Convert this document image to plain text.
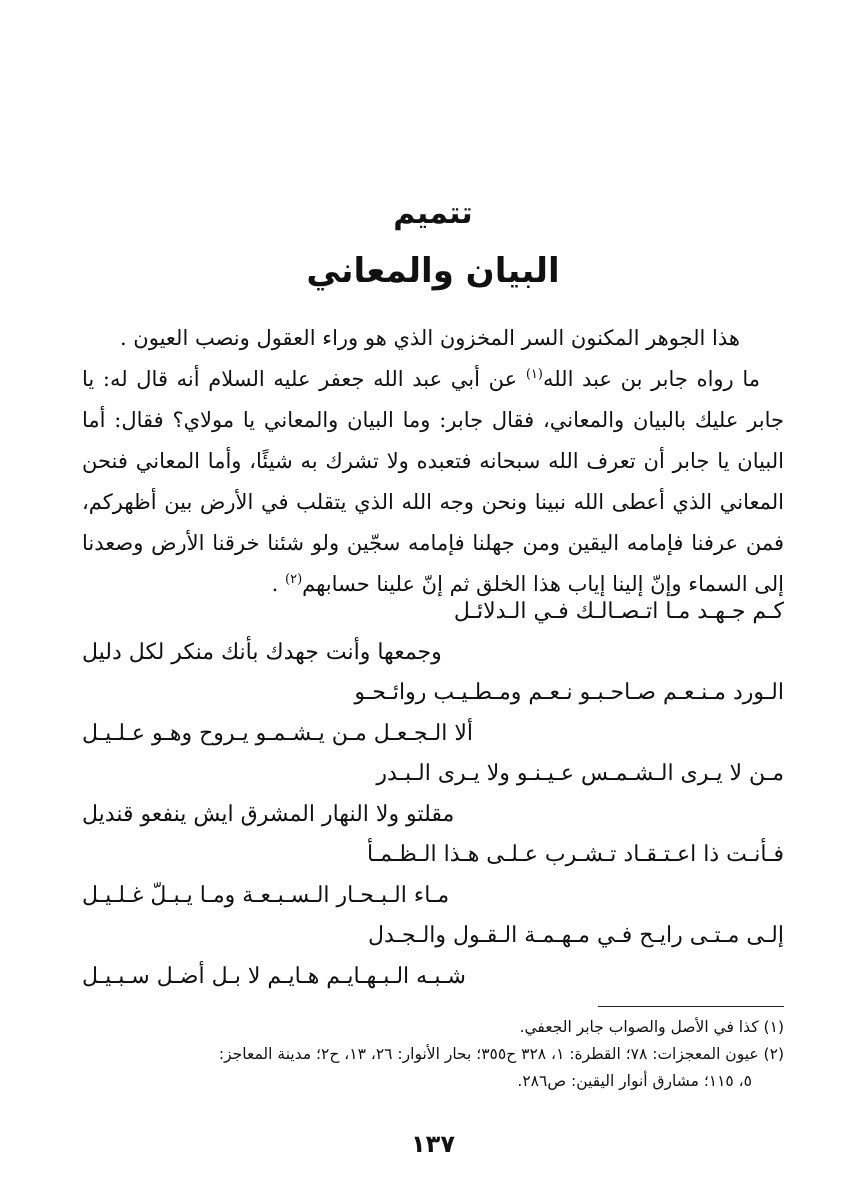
تتميم
البيان والمعاني

هذا الجوهر المكنون السر المخزون الذي هو وراء العقول ونصب العيون .

ما رواه جابر بن عبد الله$^{(١)}$ عن أبي عبد الله جعفر عليه السلام أنه قال له: يا جابر عليك بالبيان والمعاني، فقال جابر: وما البيان والمعاني يا مولاي؟ فقال: أما البيان يا جابر أن تعرف الله سبحانه فتعبده ولا تشرك به شيئًا، وأما المعاني فنحن المعاني الذي أعطى الله نبينا ونحن وجه الله الذي يتقلب في الأرض بين أظهركم، فمن عرفنا فإمامه اليقين ومن جهلنا فإمامه سجّين ولو شئنا خرقنا الأرض وصعدنا إلى السماء وإنّ إلينا إياب هذا الخلق ثم إنّ علينا حسابهم$^{(٢)}$ .

كـم جـهـد مـا اتـصـالـك فـي الـدلائـل
وجمعها وأنت جهدك بأنك منكر لكل دليل
الـورد مـنـعـم صـاحـبـو نـعـم ومـطـيـب روائـحـو
ألا الـجـعـل مـن يـشـمـو يـروح وهـو عـلـيـل
مـن لا يـرى الـشـمـس عـيـنـو ولا يـرى الـبـدر
مقلتو ولا النهار المشرق ايش ينفعو قنديل
فـأنـت ذا اعـتـقـاد تـشـرب عـلـى هـذا الـظـمـأ
مـاء الـبـحـار الـسـبـعـة ومـا يـبـلّ غـلـيـل
إلـى مـتـى رايـح فـي مـهـمـة الـقـول والـجـدل
شـبـه الـبـهـايـم هـايـم لا بـل أضـل سـبـيـل

(١) كذا في الأصل والصواب جابر الجعفي.

(٢) عيون المعجزات: ٧٨؛ القطرة: ١، ٣٢٨ ح٣٥٥؛ بحار الأنوار: ٢٦، ١٣، ح٢؛ مدينة المعاجز:

٥، ١١٥؛ مشارق أنوار اليقين: ص٢٨٦.

١٣٧
